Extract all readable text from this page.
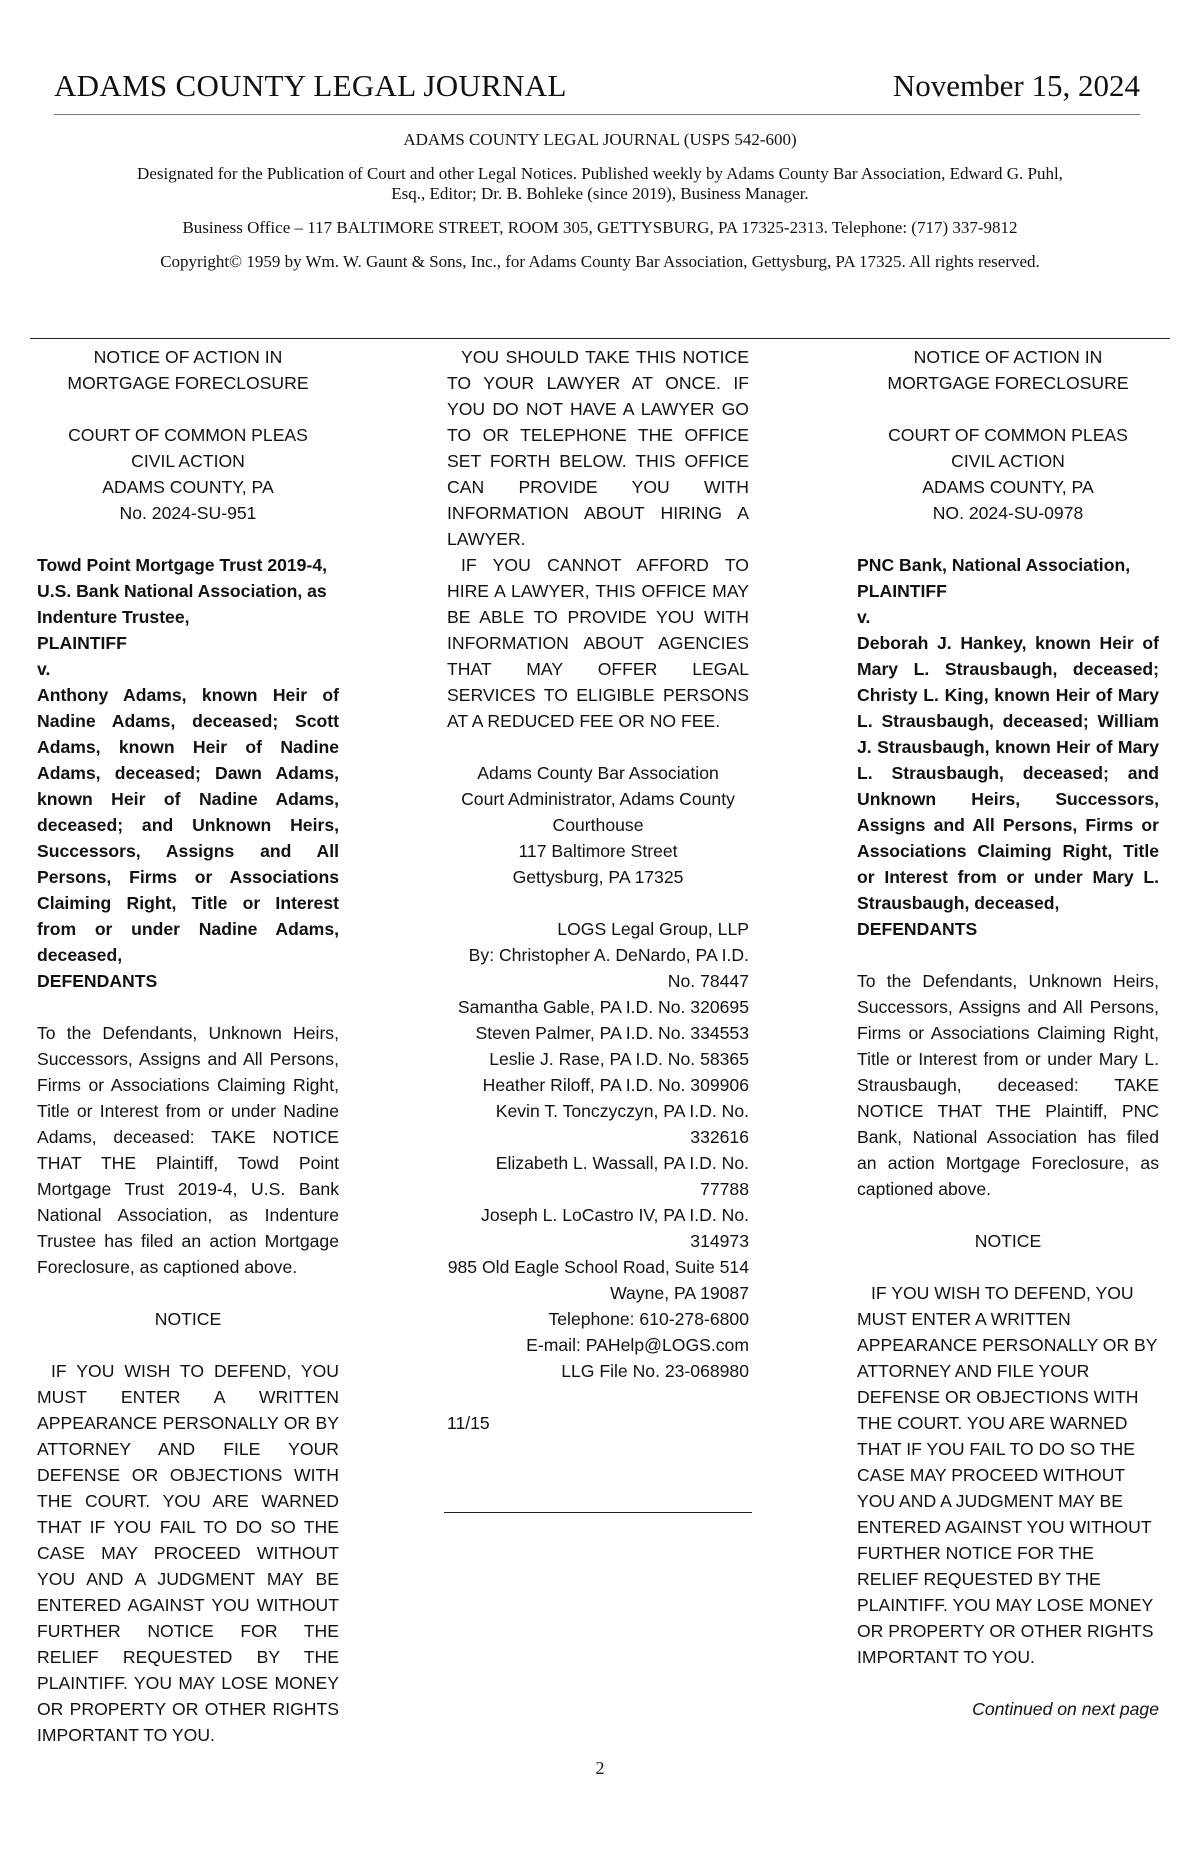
ADAMS COUNTY LEGAL JOURNAL	November 15, 2024

ADAMS COUNTY LEGAL JOURNAL (USPS 542-600)

Designated for the Publication of Court and other Legal Notices. Published weekly by Adams County Bar Association, Edward G. Puhl, Esq., Editor; Dr. B. Bohleke (since 2019), Business Manager.

Business Office – 117 BALTIMORE STREET, ROOM 305, GETTYSBURG, PA 17325-2313. Telephone: (717) 337-9812

Copyright© 1959 by Wm. W. Gaunt & Sons, Inc., for Adams County Bar Association, Gettysburg, PA 17325. All rights reserved.

NOTICE OF ACTION IN

MORTGAGE FORECLOSURE

COURT OF COMMON PLEAS

CIVIL ACTION

ADAMS COUNTY, PA

No. 2024-SU-951

Towd Point Mortgage Trust 2019-4, U.S. Bank National Association, as Indenture Trustee,

PLAINTIFF

v.

Anthony Adams, known Heir of Nadine Adams, deceased; Scott Adams, known Heir of Nadine Adams, deceased; Dawn Adams, known Heir of Nadine Adams, deceased; and Unknown Heirs, Successors, Assigns and All Persons, Firms or Associations Claiming Right, Title or Interest from or under Nadine Adams, deceased,

DEFENDANTS

To the Defendants, Unknown Heirs, Successors, Assigns and All Persons, Firms or Associations Claiming Right, Title or Interest from or under Nadine Adams, deceased: TAKE NOTICE THAT THE Plaintiff, Towd Point Mortgage Trust 2019-4, U.S. Bank National Association, as Indenture Trustee has filed an action Mortgage Foreclosure, as captioned above.

NOTICE

IF YOU WISH TO DEFEND, YOU MUST ENTER A WRITTEN APPEARANCE PERSONALLY OR BY ATTORNEY AND FILE YOUR DEFENSE OR OBJECTIONS WITH THE COURT. YOU ARE WARNED THAT IF YOU FAIL TO DO SO THE CASE MAY PROCEED WITHOUT YOU AND A JUDGMENT MAY BE ENTERED AGAINST YOU WITHOUT FURTHER NOTICE FOR THE RELIEF REQUESTED BY THE PLAINTIFF. YOU MAY LOSE MONEY OR PROPERTY OR OTHER RIGHTS IMPORTANT TO YOU.

YOU SHOULD TAKE THIS NOTICE TO YOUR LAWYER AT ONCE. IF YOU DO NOT HAVE A LAWYER GO TO OR TELEPHONE THE OFFICE SET FORTH BELOW. THIS OFFICE CAN PROVIDE YOU WITH INFORMATION ABOUT HIRING A LAWYER.

IF YOU CANNOT AFFORD TO HIRE A LAWYER, THIS OFFICE MAY BE ABLE TO PROVIDE YOU WITH INFORMATION ABOUT AGENCIES THAT MAY OFFER LEGAL SERVICES TO ELIGIBLE PERSONS AT A REDUCED FEE OR NO FEE.

Adams County Bar Association

Court Administrator, Adams County Courthouse

117 Baltimore Street

Gettysburg, PA 17325

LOGS Legal Group, LLP

By: Christopher A. DeNardo, PA I.D. No. 78447

Samantha Gable, PA I.D. No. 320695

Steven Palmer, PA I.D. No. 334553

Leslie J. Rase, PA I.D. No. 58365

Heather Riloff, PA I.D. No. 309906

Kevin T. Tonczyczyn, PA I.D. No. 332616

Elizabeth L. Wassall, PA I.D. No. 77788

Joseph L. LoCastro IV, PA I.D. No. 314973

985 Old Eagle School Road, Suite 514

Wayne, PA 19087

Telephone: 610-278-6800

E-mail: PAHelp@LOGS.com

LLG File No. 23-068980

11/15

NOTICE OF ACTION IN

MORTGAGE FORECLOSURE

COURT OF COMMON PLEAS

CIVIL ACTION

ADAMS COUNTY, PA

NO. 2024-SU-0978

PNC Bank, National Association,

PLAINTIFF

v.

Deborah J. Hankey, known Heir of Mary L. Strausbaugh, deceased; Christy L. King, known Heir of Mary L. Strausbaugh, deceased; William J. Strausbaugh, known Heir of Mary L. Strausbaugh, deceased; and Unknown Heirs, Successors, Assigns and All Persons, Firms or Associations Claiming Right, Title or Interest from or under Mary L. Strausbaugh, deceased,

DEFENDANTS

To the Defendants, Unknown Heirs, Successors, Assigns and All Persons, Firms or Associations Claiming Right, Title or Interest from or under Mary L. Strausbaugh, deceased: TAKE NOTICE THAT THE Plaintiff, PNC Bank, National Association has filed an action Mortgage Foreclosure, as captioned above.

NOTICE

IF YOU WISH TO DEFEND, YOU MUST ENTER A WRITTEN APPEARANCE PERSONALLY OR BY ATTORNEY AND FILE YOUR DEFENSE OR OBJECTIONS WITH THE COURT. YOU ARE WARNED THAT IF YOU FAIL TO DO SO THE CASE MAY PROCEED WITHOUT YOU AND A JUDGMENT MAY BE ENTERED AGAINST YOU WITHOUT FURTHER NOTICE FOR THE RELIEF REQUESTED BY THE PLAINTIFF. YOU MAY LOSE MONEY OR PROPERTY OR OTHER RIGHTS IMPORTANT TO YOU.

Continued on next page

2
